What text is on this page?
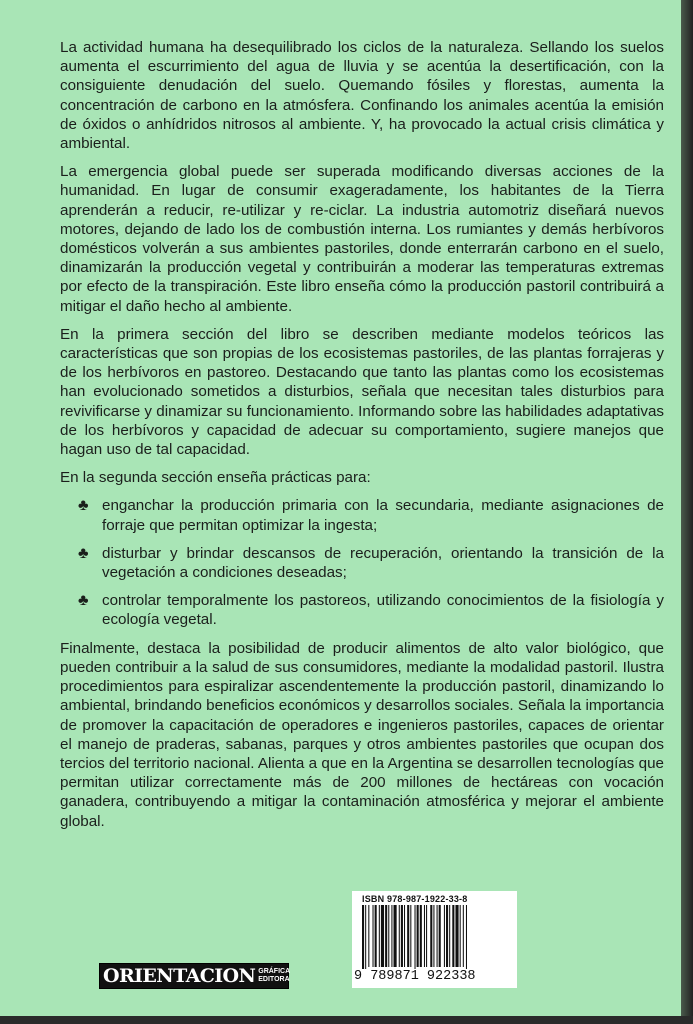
La actividad humana ha desequilibrado los ciclos de la naturaleza. Sellando los suelos aumenta el escurrimiento del agua de lluvia y se acentúa la desertificación, con la consiguiente denudación del suelo. Quemando fósiles y florestas, aumenta la concentración de carbono en la atmósfera. Confinando los animales acentúa la emisión de óxidos o anhídridos nitrosos al ambiente. Y, ha provocado la actual crisis climática y ambiental.

La emergencia global puede ser superada modificando diversas acciones de la humanidad. En lugar de consumir exageradamente, los habitantes de la Tierra aprenderán a reducir, re-utilizar y re-ciclar. La industria automotriz diseñará nuevos motores, dejando de lado los de combustión interna. Los rumiantes y demás herbívoros domésticos volverán a sus ambientes pastoriles, donde enterrarán carbono en el suelo, dinamizarán la producción vegetal y contribuirán a moderar las temperaturas extremas por efecto de la transpiración. Este libro enseña cómo la producción pastoril contribuirá a mitigar el daño hecho al ambiente.

En la primera sección del libro se describen mediante modelos teóricos las características que son propias de los ecosistemas pastoriles, de las plantas forrajeras y de los herbívoros en pastoreo. Destacando que tanto las plantas como los ecosistemas han evolucionado sometidos a disturbios, señala que necesitan tales disturbios para revivificarse y dinamizar su funcionamiento. Informando sobre las habilidades adaptativas de los herbívoros y capacidad de adecuar su comportamiento, sugiere manejos que hagan uso de tal capacidad.

En la segunda sección enseña prácticas para:

♣ enganchar la producción primaria con la secundaria, mediante asignaciones de forraje que permitan optimizar la ingesta;
♣ disturbar y brindar descansos de recuperación, orientando la transición de la vegetación a condiciones deseadas;
♣ controlar temporalmente los pastoreos, utilizando conocimientos de la fisiología y ecología vegetal.

Finalmente, destaca la posibilidad de producir alimentos de alto valor biológico, que pueden contribuir a la salud de sus consumidores, mediante la modalidad pastoril. Ilustra procedimientos para espiralizar ascendentemente la producción pastoril, dinamizando lo ambiental, brindando beneficios económicos y desarrollos sociales. Señala la importancia de promover la capacitación de operadores e ingenieros pastoriles, capaces de orientar el manejo de praderas, sabanas, parques y otros ambientes pastoriles que ocupan dos tercios del territorio nacional. Alienta a que en la Argentina se desarrollen tecnologías que permitan utilizar correctamente más de 200 millones de hectáreas con vocación ganadera, contribuyendo a mitigar la contaminación atmosférica y mejorar el ambiente global.

ORIENTACION GRÁFICA
EDITORA
ISBN 978-987-1922-33-8
9 789871 922338
